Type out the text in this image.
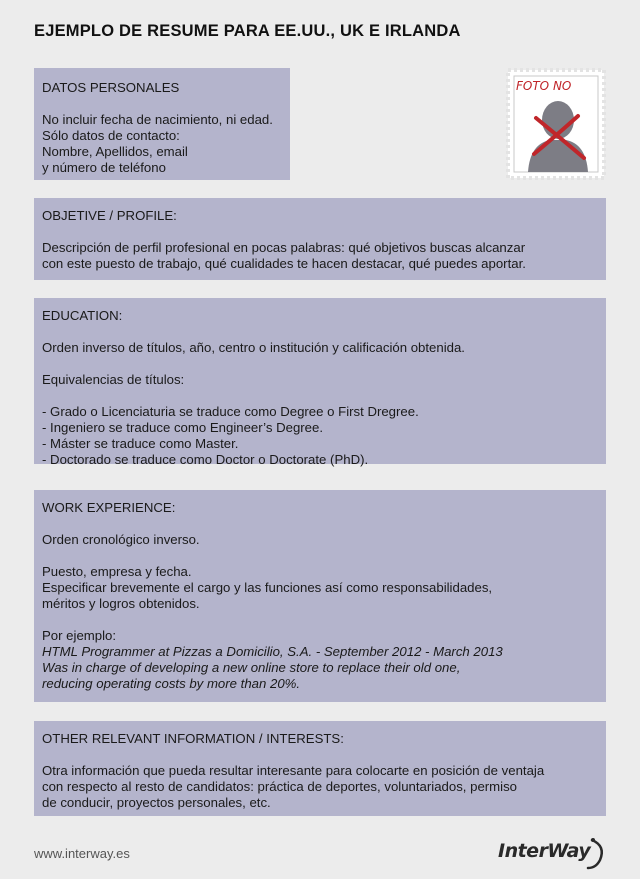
EJEMPLO DE RESUME PARA EE.UU., UK E IRLANDA

DATOS PERSONALES

No incluir fecha de nacimiento, ni edad.

Sólo datos de contacto:

Nombre, Apellidos, email

y número de teléfono

FOTO NO

OBJETIVE / PROFILE:

Descripción de perfil profesional en pocas palabras: qué objetivos buscas alcanzar

con este puesto de trabajo, qué cualidades te hacen destacar, qué puedes aportar.

EDUCATION:

Orden inverso de títulos, año, centro o institución y calificación obtenida.

Equivalencias de títulos:

- Grado o Licenciaturia se traduce como Degree o First Dregree.

- Ingeniero se traduce como Engineer’s Degree.

- Máster se traduce como Master.

- Doctorado se traduce como Doctor o Doctorate (PhD).

WORK EXPERIENCE:

Orden cronológico inverso.

Puesto, empresa y fecha.

Especificar brevemente el cargo y las funciones así como responsabilidades,

méritos y logros obtenidos.

Por ejemplo:

HTML Programmer at Pizzas a Domicilio, S.A. - September 2012 - March 2013

Was in charge of developing a new online store to replace their old one,

reducing operating costs by more than 20%.

OTHER RELEVANT INFORMATION / INTERESTS:

Otra información que pueda resultar interesante para colocarte en posición de ventaja

con respecto al resto de candidatos: práctica de deportes, voluntariados, permiso

de conducir, proyectos personales, etc.

www.interway.es	InterWay
